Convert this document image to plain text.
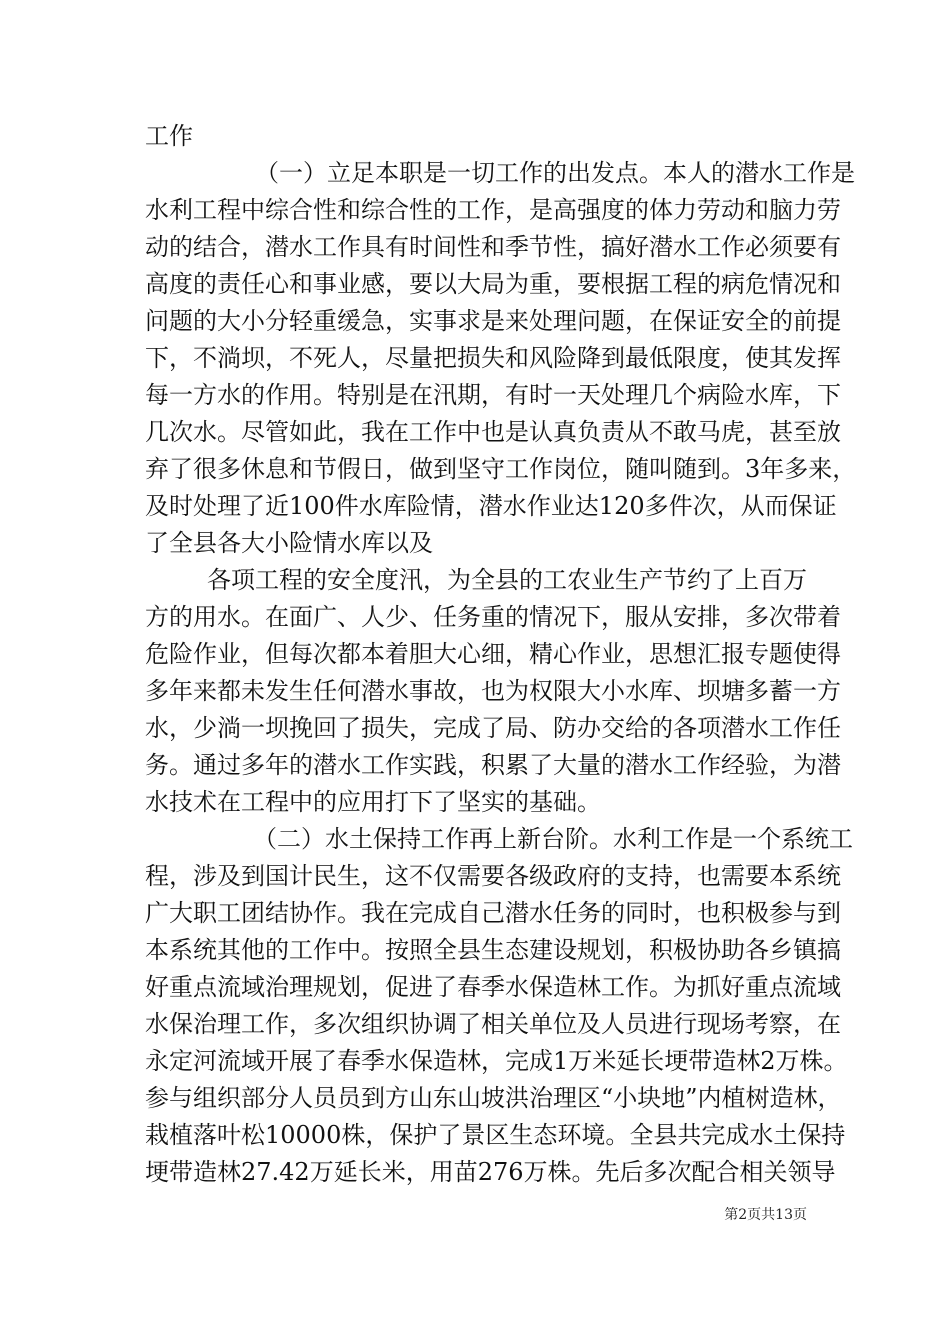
工作
（一）立足本职是一切工作的出发点。本人的潜水工作是
水利工程中综合性和综合性的工作，是高强度的体力劳动和脑力劳
动的结合，潜水工作具有时间性和季节性，搞好潜水工作必须要有
高度的责任心和事业感，要以大局为重，要根据工程的病危情况和
问题的大小分轻重缓急，实事求是来处理问题，在保证安全的前提
下，不淌坝，不死人，尽量把损失和风险降到最低限度，使其发挥
每一方水的作用。特别是在汛期，有时一天处理几个病险水库，下
几次水。尽管如此，我在工作中也是认真负责从不敢马虎，甚至放
弃了很多休息和节假日，做到坚守工作岗位，随叫随到。3年多来，
及时处理了近100件水库险情，潜水作业达120多件次，从而保证
了全县各大小险情水库以及
各项工程的安全度汛，为全县的工农业生产节约了上百万
方的用水。在面广、人少、任务重的情况下，服从安排，多次带着
危险作业，但每次都本着胆大心细，精心作业，思想汇报专题使得
多年来都未发生任何潜水事故，也为权限大小水库、坝塘多蓄一方
水，少淌一坝挽回了损失，完成了局、防办交给的各项潜水工作任
务。通过多年的潜水工作实践，积累了大量的潜水工作经验，为潜
水技术在工程中的应用打下了坚实的基础。
（二）水土保持工作再上新台阶。水利工作是一个系统工
程，涉及到国计民生，这不仅需要各级政府的支持，也需要本系统
广大职工团结协作。我在完成自己潜水任务的同时，也积极参与到
本系统其他的工作中。按照全县生态建设规划，积极协助各乡镇搞
好重点流域治理规划，促进了春季水保造林工作。为抓好重点流域
水保治理工作，多次组织协调了相关单位及人员进行现场考察，在
永定河流域开展了春季水保造林，完成1万米延长埂带造林2万株。
参与组织部分人员员到方山东山坡洪治理区“小块地”内植树造林，
栽植落叶松10000株，保护了景区生态环境。全县共完成水土保持
埂带造林27.42万延长米，用苗276万株。先后多次配合相关领导
第2页共13页
